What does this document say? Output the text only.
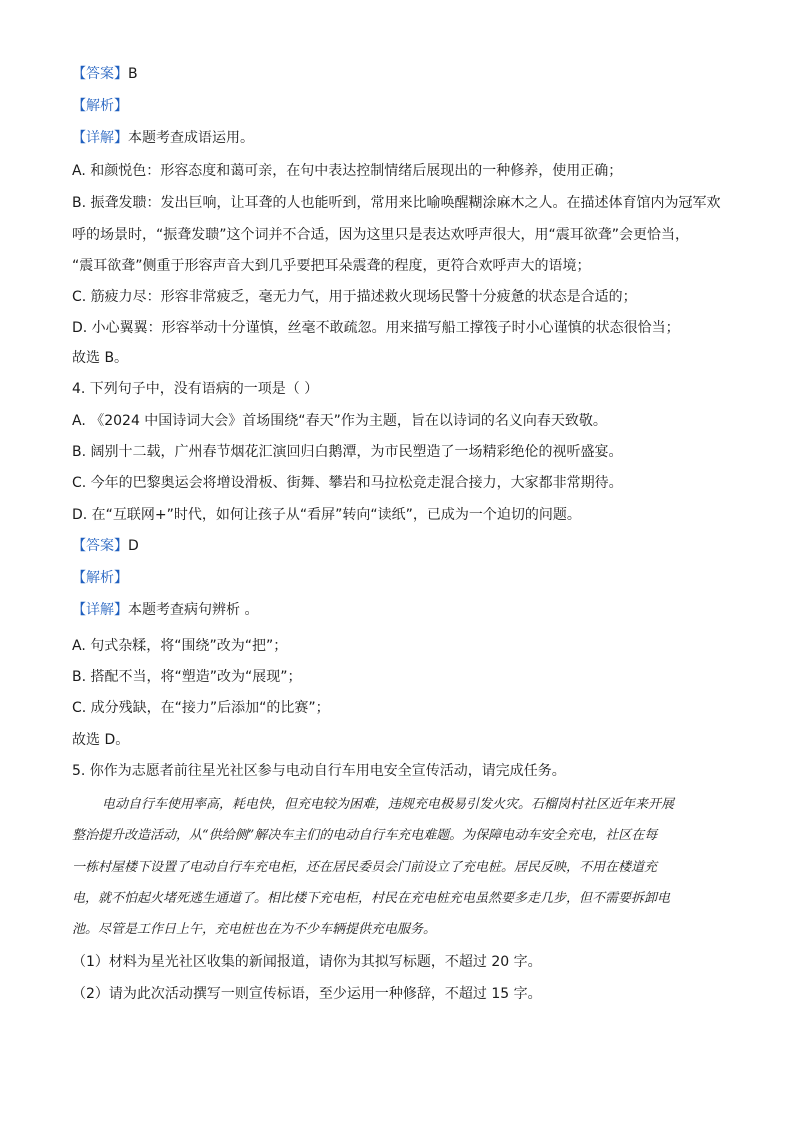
【答案】B
【解析】
【详解】本题考查成语运用。
A. 和颜悦色：形容态度和蔼可亲，在句中表达控制情绪后展现出的一种修养，使用正确；
B. 振聋发聩：发出巨响，让耳聋的人也能听到，常用来比喻唤醒糊涂麻木之人。在描述体育馆内为冠军欢
呼的场景时，“振聋发聩”这个词并不合适，因为这里只是表达欢呼声很大，用“震耳欲聋”会更恰当，
“震耳欲聋”侧重于形容声音大到几乎要把耳朵震聋的程度，更符合欢呼声大的语境；
C. 筋疲力尽：形容非常疲乏，毫无力气，用于描述救火现场民警十分疲惫的状态是合适的；
D. 小心翼翼：形容举动十分谨慎，丝毫不敢疏忽。用来描写船工撑筏子时小心谨慎的状态很恰当；
故选 B。
4. 下列句子中，没有语病的一项是（ ）
A. 《2024 中国诗词大会》首场围绕“春天”作为主题，旨在以诗词的名义向春天致敬。
B. 阔别十二载，广州春节烟花汇演回归白鹅潭，为市民塑造了一场精彩绝伦的视听盛宴。
C. 今年的巴黎奥运会将增设滑板、街舞、攀岩和马拉松竞走混合接力，大家都非常期待。
D. 在“互联网+”时代，如何让孩子从“看屏”转向“读纸”，已成为一个迫切的问题。
【答案】D
【解析】
【详解】本题考查病句辨析 。
A. 句式杂糅，将“围绕”改为“把”；
B. 搭配不当，将“塑造”改为“展现”；
C. 成分残缺，在“接力”后添加“的比赛”；
故选 D。
5. 你作为志愿者前往星光社区参与电动自行车用电安全宣传活动，请完成任务。
电动自行车使用率高，耗电快，但充电较为困难，违规充电极易引发火灾。石榴岗村社区近年来开展
整治提升改造活动，从“供给侧”解决车主们的电动自行车充电难题。为保障电动车安全充电，社区在每
一栋村屋楼下设置了电动自行车充电柜，还在居民委员会门前设立了充电桩。居民反映，不用在楼道充
电，就不怕起火堵死逃生通道了。相比楼下充电柜，村民在充电桩充电虽然要多走几步，但不需要拆卸电
池。尽管是工作日上午，充电桩也在为不少车辆提供充电服务。
（1）材料为星光社区收集的新闻报道，请你为其拟写标题，不超过 20 字。
（2）请为此次活动撰写一则宣传标语，至少运用一种修辞，不超过 15 字。
